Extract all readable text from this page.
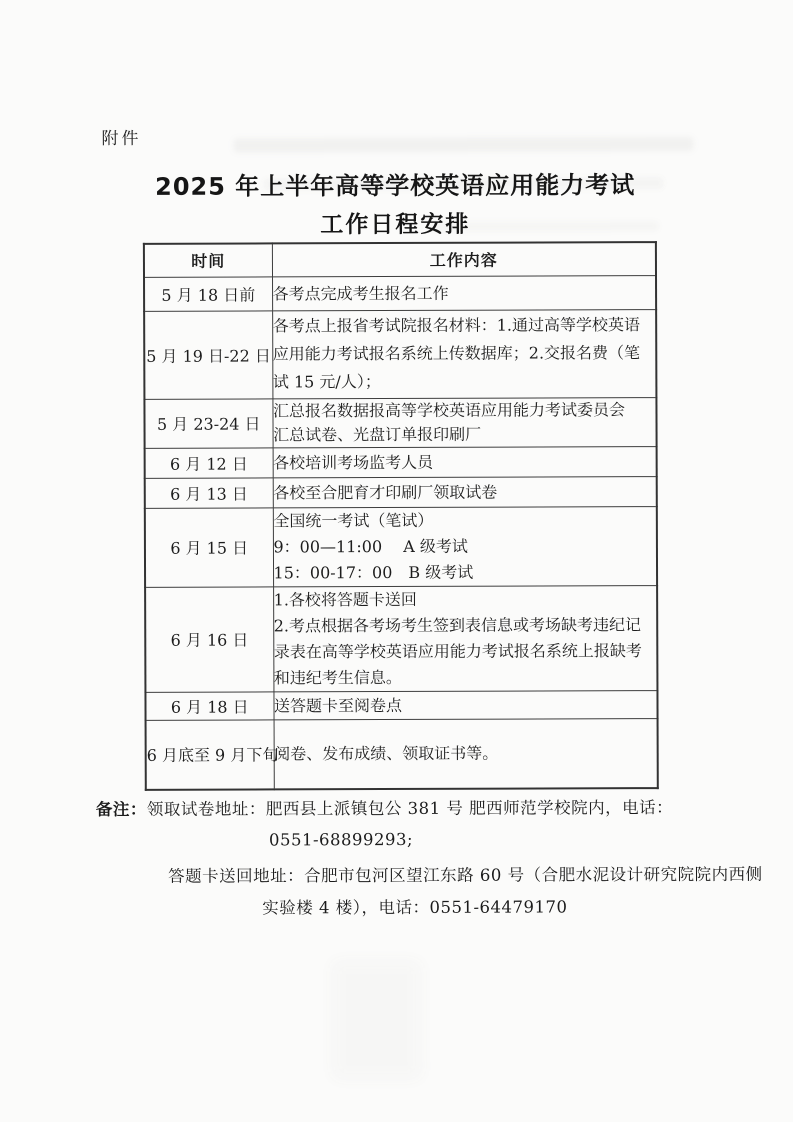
附件
2025 年上半年高等学校英语应用能力考试
工作日程安排
时间	工作内容
5 月 18 日前	各考点完成考生报名工作

5 月 19 日-22 日	各考点上报省考试院报名材料：1.通过高等学校英语应用能力考试报名系统上传数据库；2.交报名费（笔试 15 元/人）；

5 月 23-24 日	汇总报名数据报高等学校英语应用能力考试委员会
汇总试卷、光盘订单报印刷厂

6 月 12 日	各校培训考场监考人员

6 月 13 日	各校至合肥育才印刷厂领取试卷

6 月 15 日	全国统一考试（笔试）
9：00—11:00　 A 级考试
15：00-17：00　B 级考试

6 月 16 日	1.各校将答题卡送回
2.考点根据各考场考生签到表信息或考场缺考违纪记录表在高等学校英语应用能力考试报名系统上报缺考和违纪考生信息。

6 月 18 日	送答题卡至阅卷点

6 月底至 9 月下旬	阅卷、发布成绩、领取证书等。
备注：领取试卷地址：肥西县上派镇包公 381 号 肥西师范学校院内，电话：
0551-68899293;
答题卡送回地址：合肥市包河区望江东路 60 号（合肥水泥设计研究院院内西侧
实验楼 4 楼），电话：0551-64479170
